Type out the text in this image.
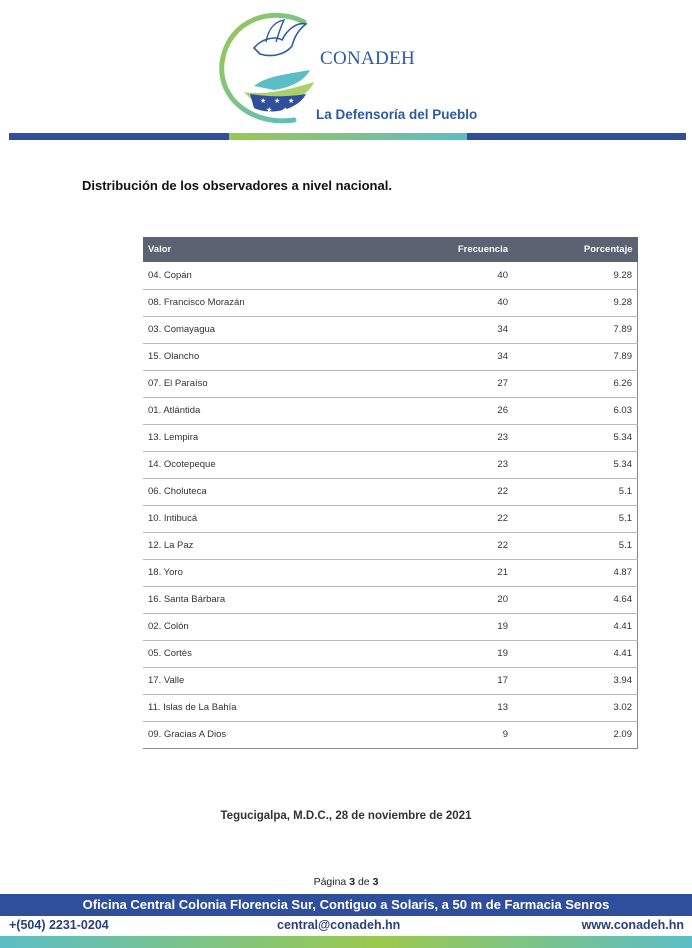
★ ★ ★
★ ★
CONADEH
La Defensoría del Pueblo
Distribución de los observadores a nivel nacional.
Valor	Frecuencia	Porcentaje
04. Copán	40	9.28
08. Francisco Morazán	40	9.28
03. Comayagua	34	7.89
15. Olancho	34	7.89
07. El Paraíso	27	6.26
01. Atlántida	26	6.03
13. Lempira	23	5.34
14. Ocotepeque	23	5.34
06. Choluteca	22	5.1
10. Intibucá	22	5.1
12. La Paz	22	5.1
18. Yoro	21	4.87
16. Santa Bárbara	20	4.64
02. Colón	19	4.41
05. Cortés	19	4.41
17. Valle	17	3.94
11. Islas de La Bahía	13	3.02
09. Gracias A Dios	9	2.09
Tegucigalpa, M.D.C., 28 de noviembre de 2021
Página 3 de 3
Oficina Central Colonia Florencia Sur, Contiguo a Solaris, a 50 m de Farmacia Senros
+(504) 2231-0204	central@conadeh.hn	www.conadeh.hn
